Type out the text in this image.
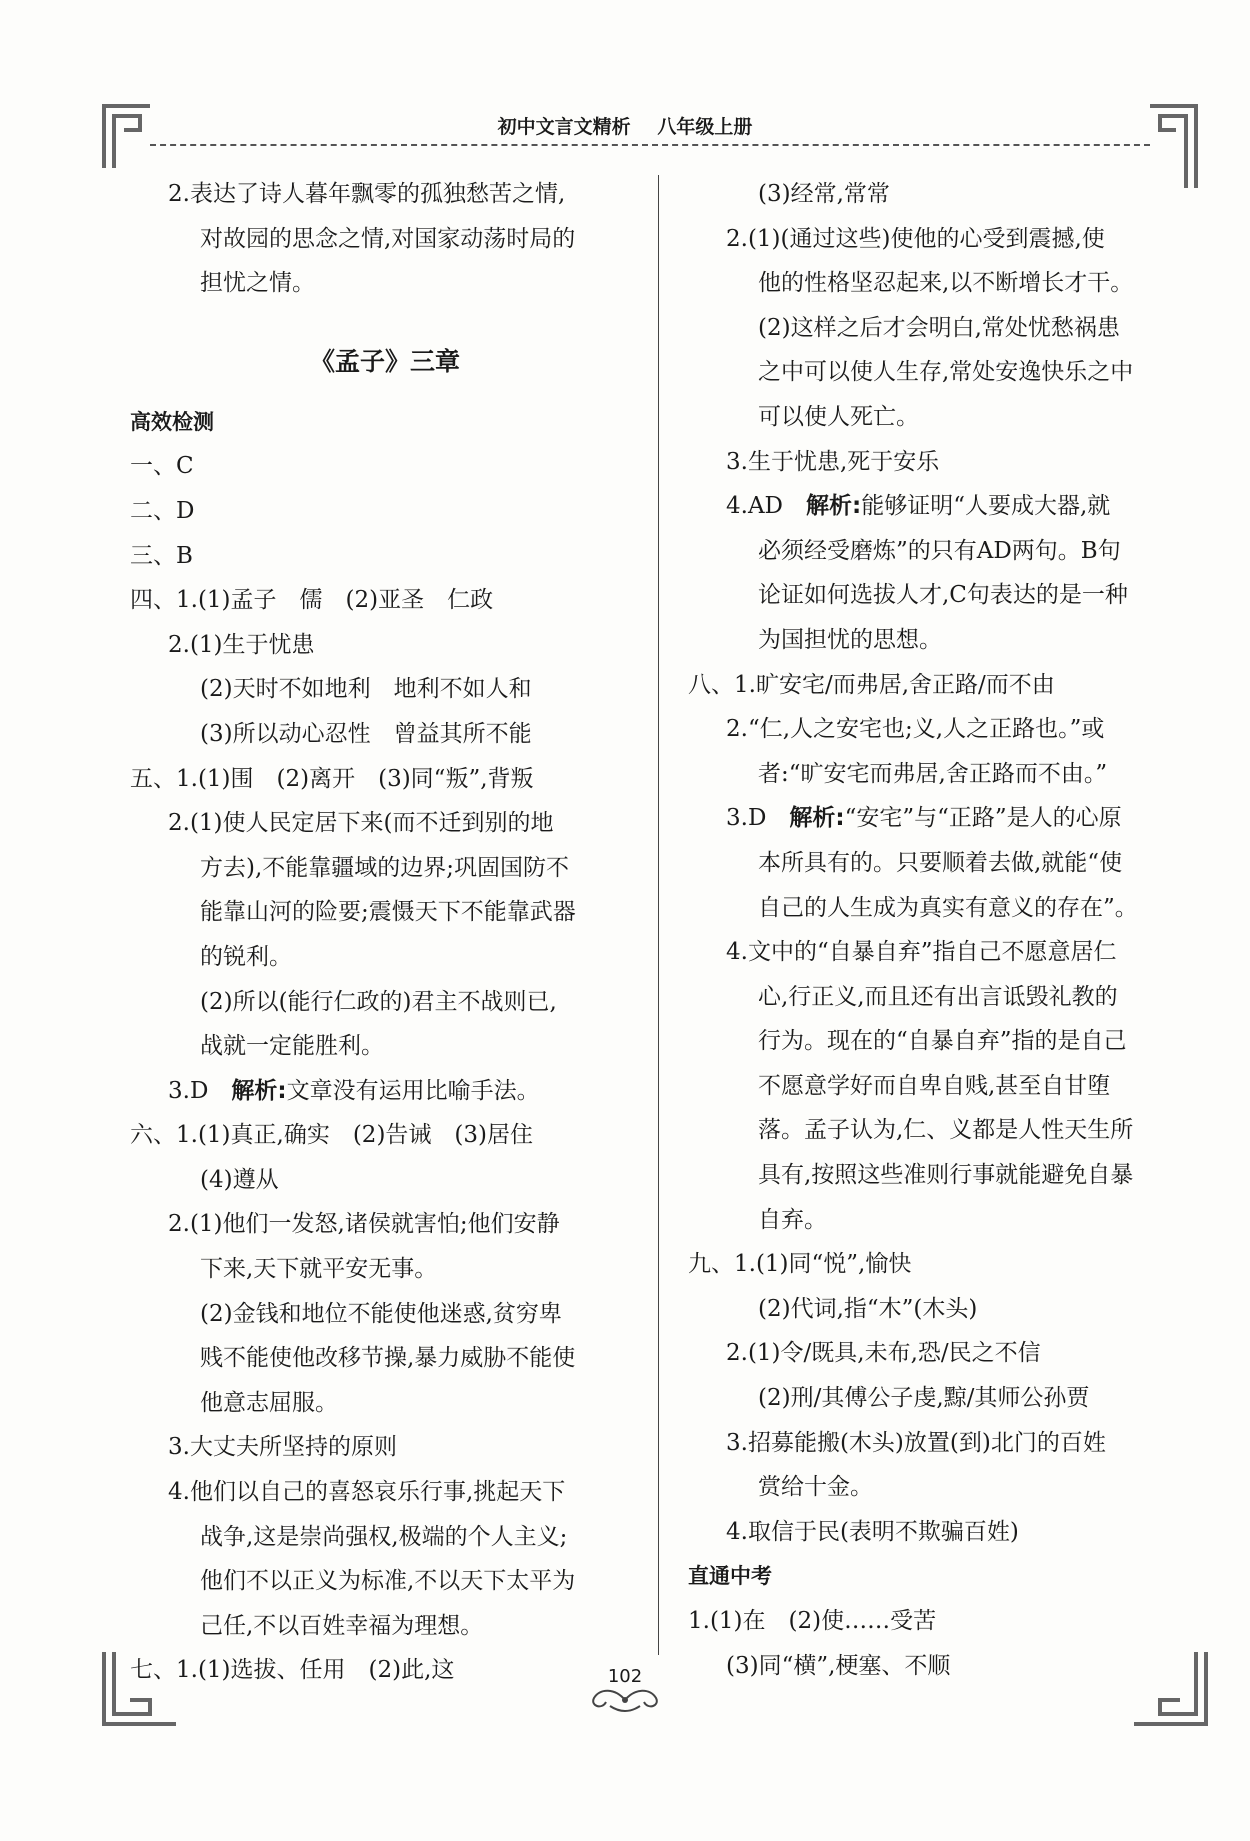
初中文言文精析 八年级上册
2.表达了诗人暮年飘零的孤独愁苦之情,
对故园的思念之情,对国家动荡时局的
担忧之情。
《孟子》三章
高效检测
一、C
二、D
三、B
四、1.(1)孟子　儒　(2)亚圣　仁政
2.(1)生于忧患
(2)天时不如地利　地利不如人和
(3)所以动心忍性　曾益其所不能
五、1.(1)围　(2)离开　(3)同“叛”,背叛
2.(1)使人民定居下来(而不迁到别的地
方去),不能靠疆域的边界;巩固国防不
能靠山河的险要;震慑天下不能靠武器
的锐利。
(2)所以(能行仁政的)君主不战则已,
战就一定能胜利。
3.D　解析:文章没有运用比喻手法。
六、1.(1)真正,确实　(2)告诫　(3)居住
(4)遵从
2.(1)他们一发怒,诸侯就害怕;他们安静
下来,天下就平安无事。
(2)金钱和地位不能使他迷惑,贫穷卑
贱不能使他改移节操,暴力威胁不能使
他意志屈服。
3.大丈夫所坚持的原则
4.他们以自己的喜怒哀乐行事,挑起天下
战争,这是崇尚强权,极端的个人主义;
他们不以正义为标准,不以天下太平为
己任,不以百姓幸福为理想。
七、1.(1)选拔、任用　(2)此,这
(3)经常,常常
2.(1)(通过这些)使他的心受到震撼,使
他的性格坚忍起来,以不断增长才干。
(2)这样之后才会明白,常处忧愁祸患
之中可以使人生存,常处安逸快乐之中
可以使人死亡。
3.生于忧患,死于安乐
4.AD　解析:能够证明“人要成大器,就
必须经受磨炼”的只有AD两句。B句
论证如何选拔人才,C句表达的是一种
为国担忧的思想。
八、1.旷安宅/而弗居,舍正路/而不由
2.“仁,人之安宅也;义,人之正路也。”或
者:“旷安宅而弗居,舍正路而不由。”
3.D　解析:“安宅”与“正路”是人的心原
本所具有的。只要顺着去做,就能“使
自己的人生成为真实有意义的存在”。
4.文中的“自暴自弃”指自己不愿意居仁
心,行正义,而且还有出言诋毁礼教的
行为。现在的“自暴自弃”指的是自己
不愿意学好而自卑自贱,甚至自甘堕
落。孟子认为,仁、义都是人性天生所
具有,按照这些准则行事就能避免自暴
自弃。
九、1.(1)同“悦”,愉快
(2)代词,指“木”(木头)
2.(1)令/既具,未布,恐/民之不信
(2)刑/其傅公子虔,黥/其师公孙贾
3.招募能搬(木头)放置(到)北门的百姓
赏给十金。
4.取信于民(表明不欺骗百姓)
直通中考
1.(1)在　(2)使……受苦
(3)同“横”,梗塞、不顺
102
